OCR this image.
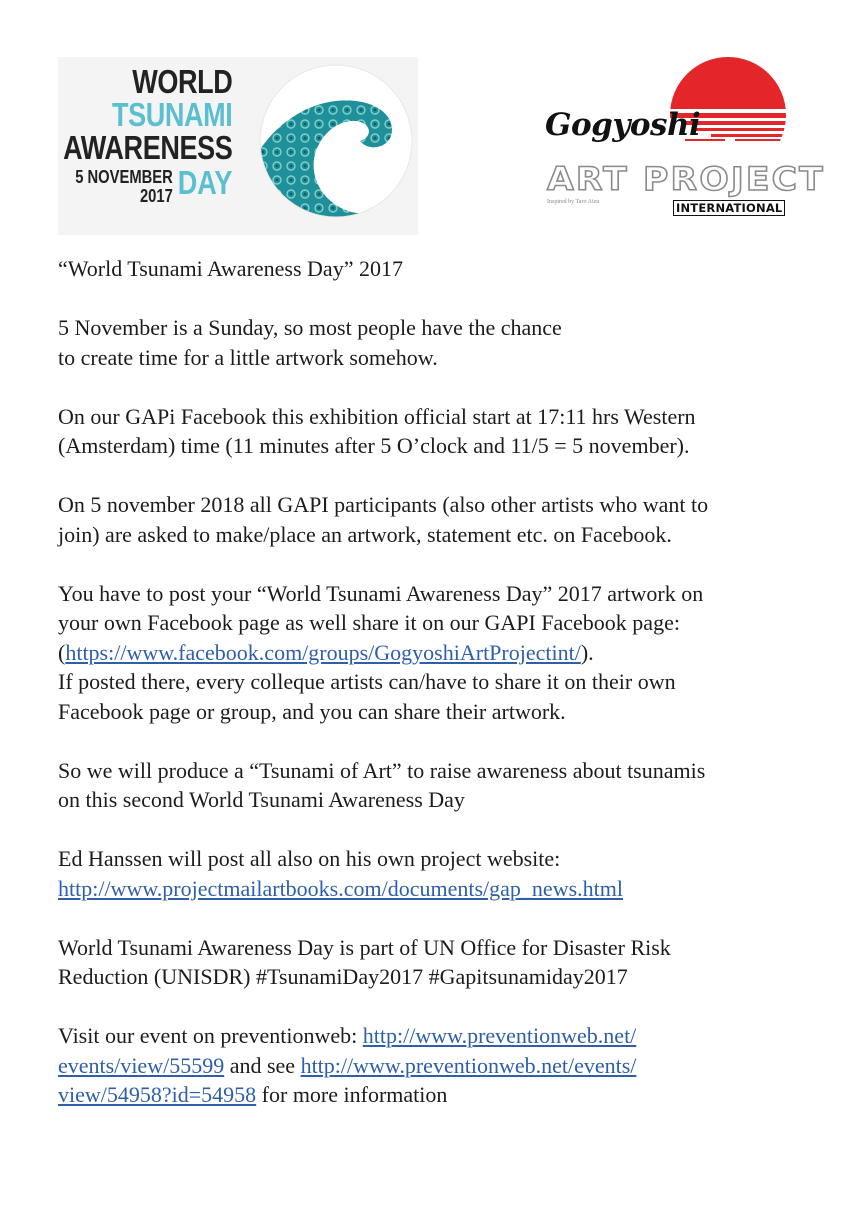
WORLD
TSUNAMI
AWARENESS
5 NOVEMBER
2017 DAY
Gogyoshi
ART PROJECT
Inspired by Taro Aizu	INTERNATIONAL

“World Tsunami Awareness Day” 2017

5 November is a Sunday, so most people have the chance
to create time for a little artwork somehow.

On our GAPi Facebook this exhibition official start at 17:11 hrs Western
(Amsterdam) time (11 minutes after 5 O’clock and 11/5 = 5 november).

On 5 november 2018 all GAPI participants (also other artists who want to
join) are asked to make/place an artwork, statement etc. on Facebook.

You have to post your “World Tsunami Awareness Day” 2017 artwork on
your own Facebook page as well share it on our GAPI Facebook page:
(https://www.facebook.com/groups/GogyoshiArtProjectint/).
If posted there, every colleque artists can/have to share it on their own
Facebook page or group, and you can share their artwork.

So we will produce a “Tsunami of Art” to raise awareness about tsunamis
on this second World Tsunami Awareness Day

Ed Hanssen will post all also on his own project website:
http://www.projectmailartbooks.com/documents/gap_news.html

World Tsunami Awareness Day is part of UN Office for Disaster Risk
Reduction (UNISDR) #TsunamiDay2017 #Gapitsunamiday2017

Visit our event on preventionweb: http://www.preventionweb.net/
events/view/55599 and see http://www.preventionweb.net/events/
view/54958?id=54958 for more information
